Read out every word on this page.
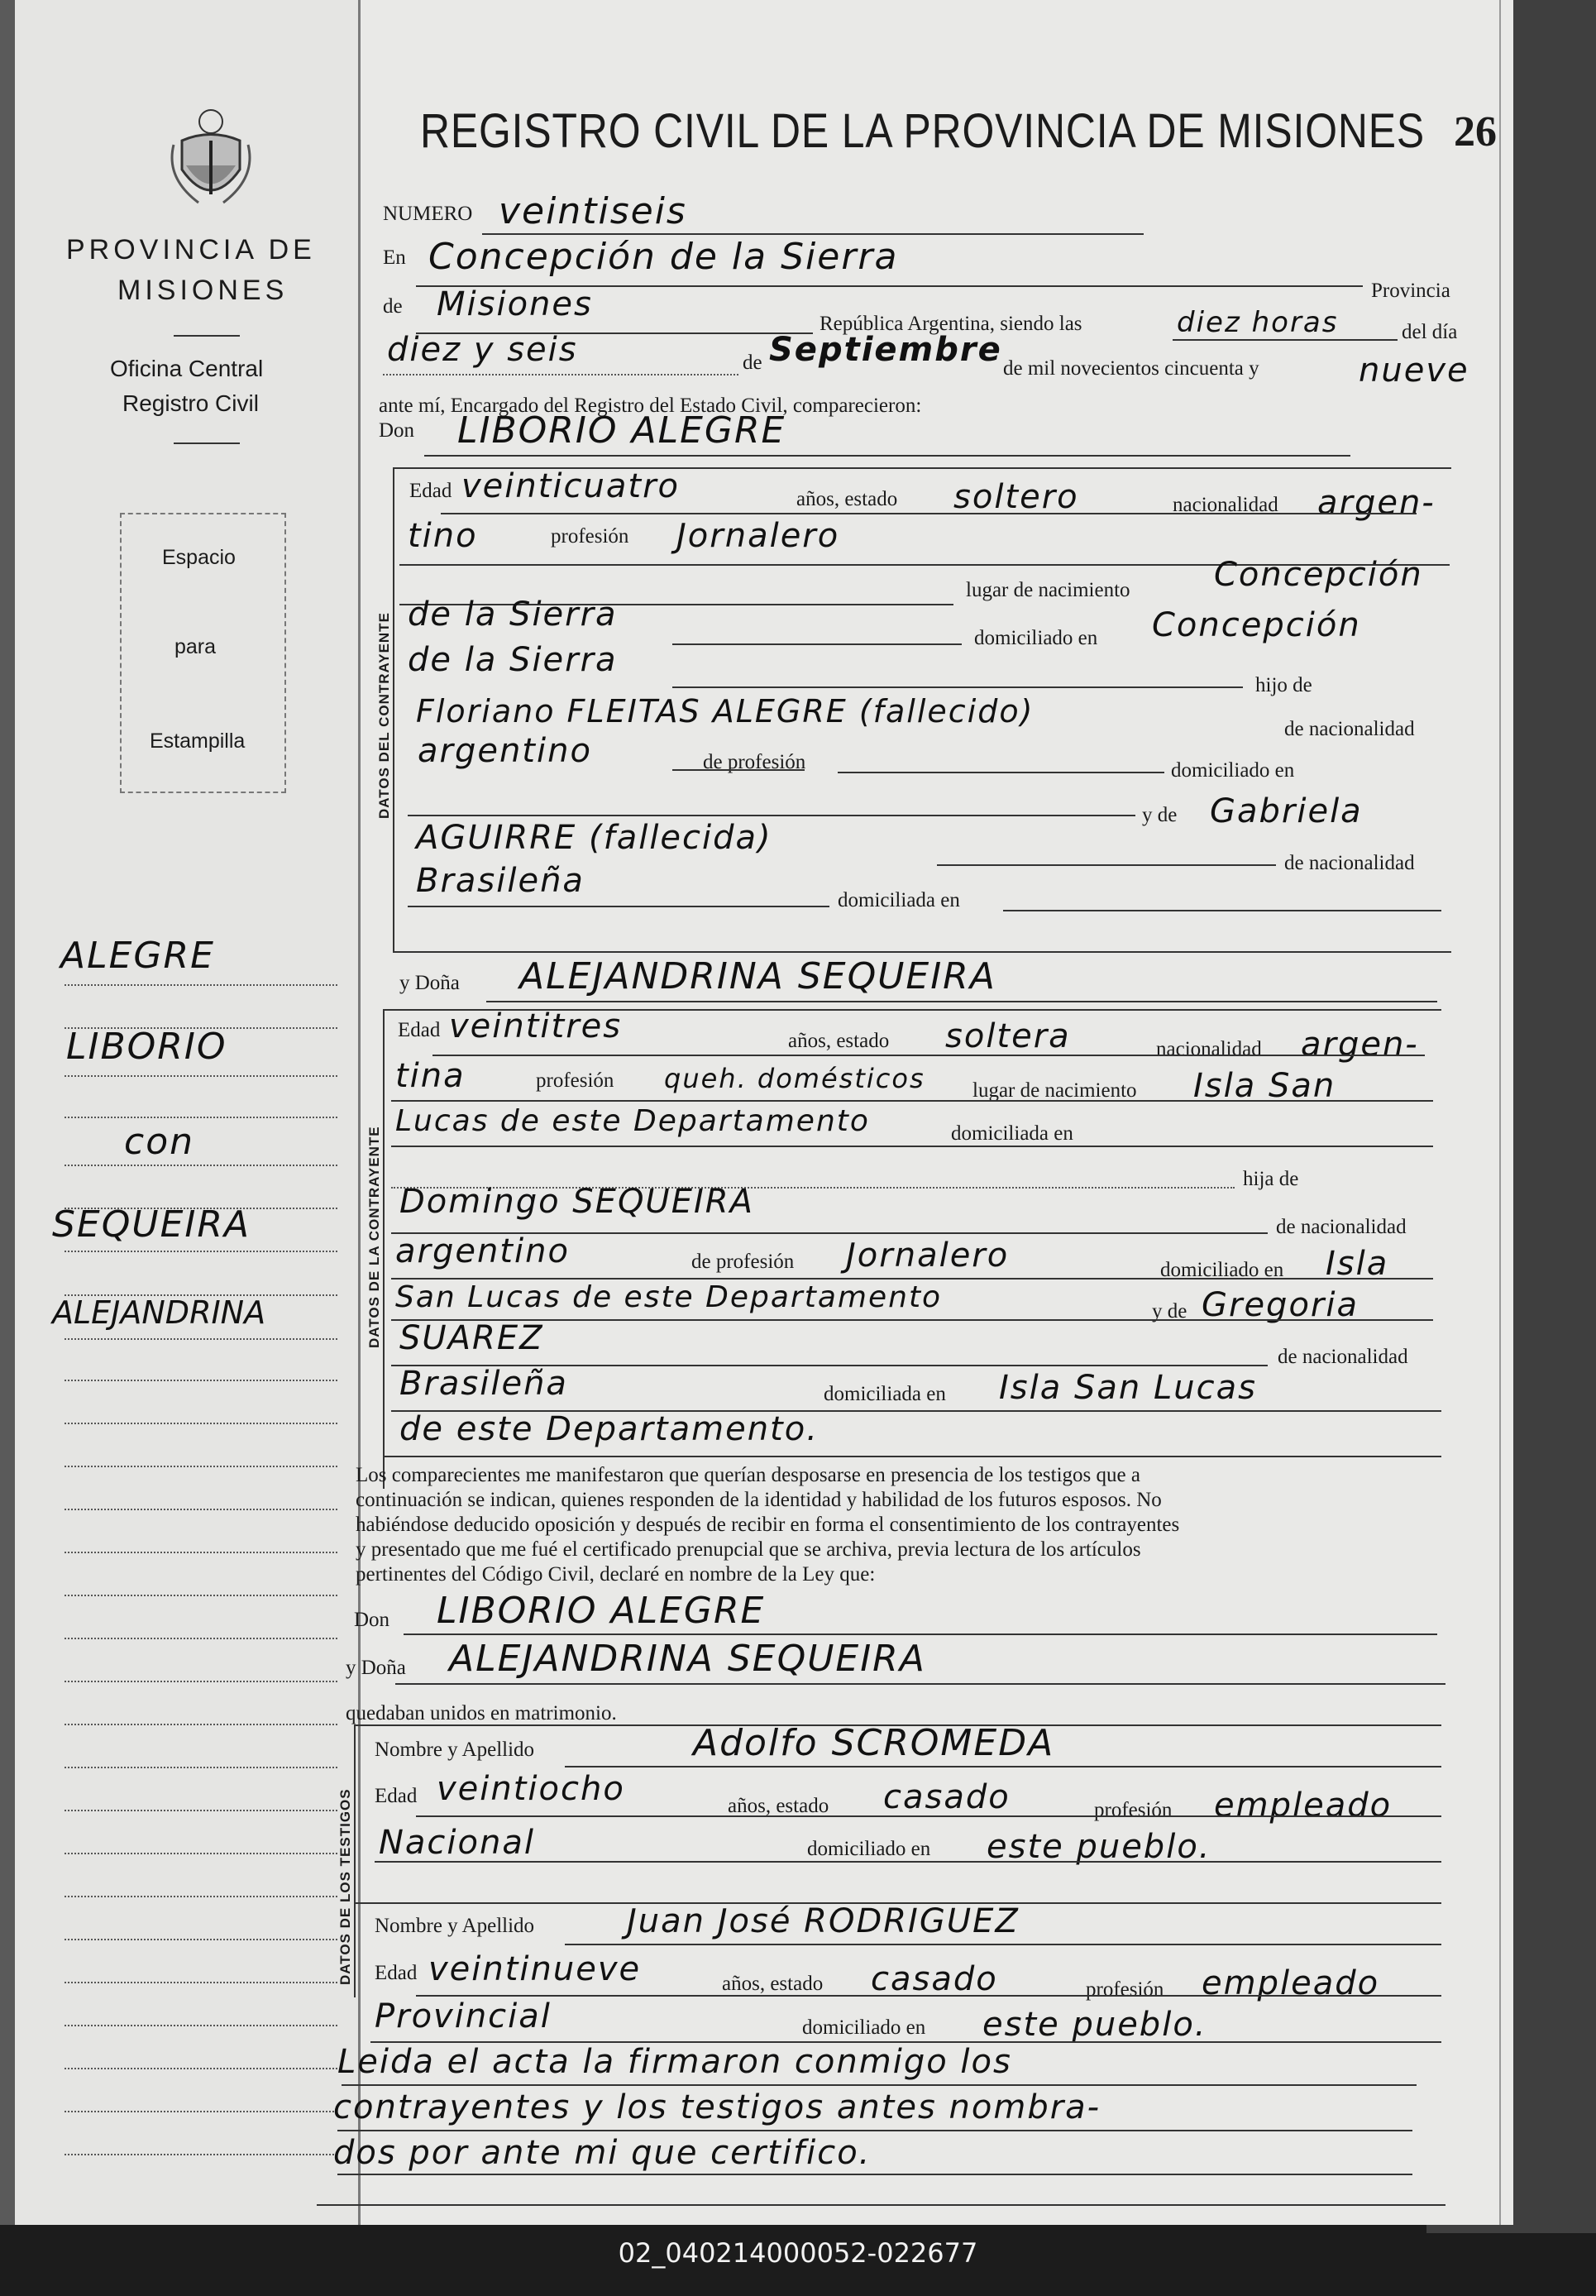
PROVINCIA DE
MISIONES
Oficina Central
Registro Civil
Espacio
para
Estampilla
ALEGRE
LIBORIO
con
SEQUEIRA
ALEJANDRINA
REGISTRO CIVIL DE LA PROVINCIA DE MISIONES 26
NUMERO veintiseis
En Concepción de la Sierra
Provincia
de Misiones
República Argentina, siendo las	diez horas	del día
diez y seis	de Septiembre de mil novecientos cincuenta y	nueve
ante mí, Encargado del Registro del Estado Civil, comparecieron:
Don LIBORIO ALEGRE
DATOS DEL CONTRAYENTE
Edad veinticuatro	años, estado soltero	nacionalidad argen-
tino	profesión Jornalero
lugar de nacimiento	Concepción
de la Sierra
domiciliado en Concepción
de la Sierra
hijo de
Floriano FLEITAS ALEGRE (fallecido)	de nacionalidad
argentino	de profesión	domiciliado en
y de Gabriela
AGUIRRE (fallecida)
de nacionalidad
Brasileña
domiciliada en
y Doña ALEJANDRINA SEQUEIRA
DATOS DE LA CONTRAYENTE
Edad veintitres	años, estado soltera	nacionalidad argen-
tina	profesión queh. domésticos lugar de nacimiento Isla San
Lucas de este Departamento	domiciliada en
hija de
Domingo SEQUEIRA
de nacionalidad
argentino	de profesión Jornalero	domiciliado en Isla
San Lucas de este Departamento	y de Gregoria
SUAREZ	de nacionalidad
Brasileña	domiciliada en Isla San Lucas
de este Departamento.
Los comparecientes me manifestaron que querían desposarse en presencia de los testigos que a
continuación se indican, quienes responden de la identidad y habilidad de los futuros esposos. No
habiéndose deducido oposición y después de recibir en forma el consentimiento de los contrayentes
y presentado que me fué el certificado prenupcial que se archiva, previa lectura de los artículos
pertinentes del Código Civil, declaré en nombre de la Ley que:
Don LIBORIO ALEGRE
y Doña ALEJANDRINA SEQUEIRA
quedaban unidos en matrimonio.
DATOS DE LOS TESTIGOS
Nombre y Apellido	Adolfo SCROMEDA
Edad veintiocho	años, estado casado	profesión empleado
Nacional	domiciliado en este pueblo.
Nombre y Apellido	Juan José RODRIGUEZ
Edad veintinueve	años, estado casado	profesión empleado
Provincial	domiciliado en este pueblo.
Leida el acta la firmaron conmigo los
contrayentes y los testigos antes nombra-
dos por ante mi que certifico.
02_040214000052-022677
